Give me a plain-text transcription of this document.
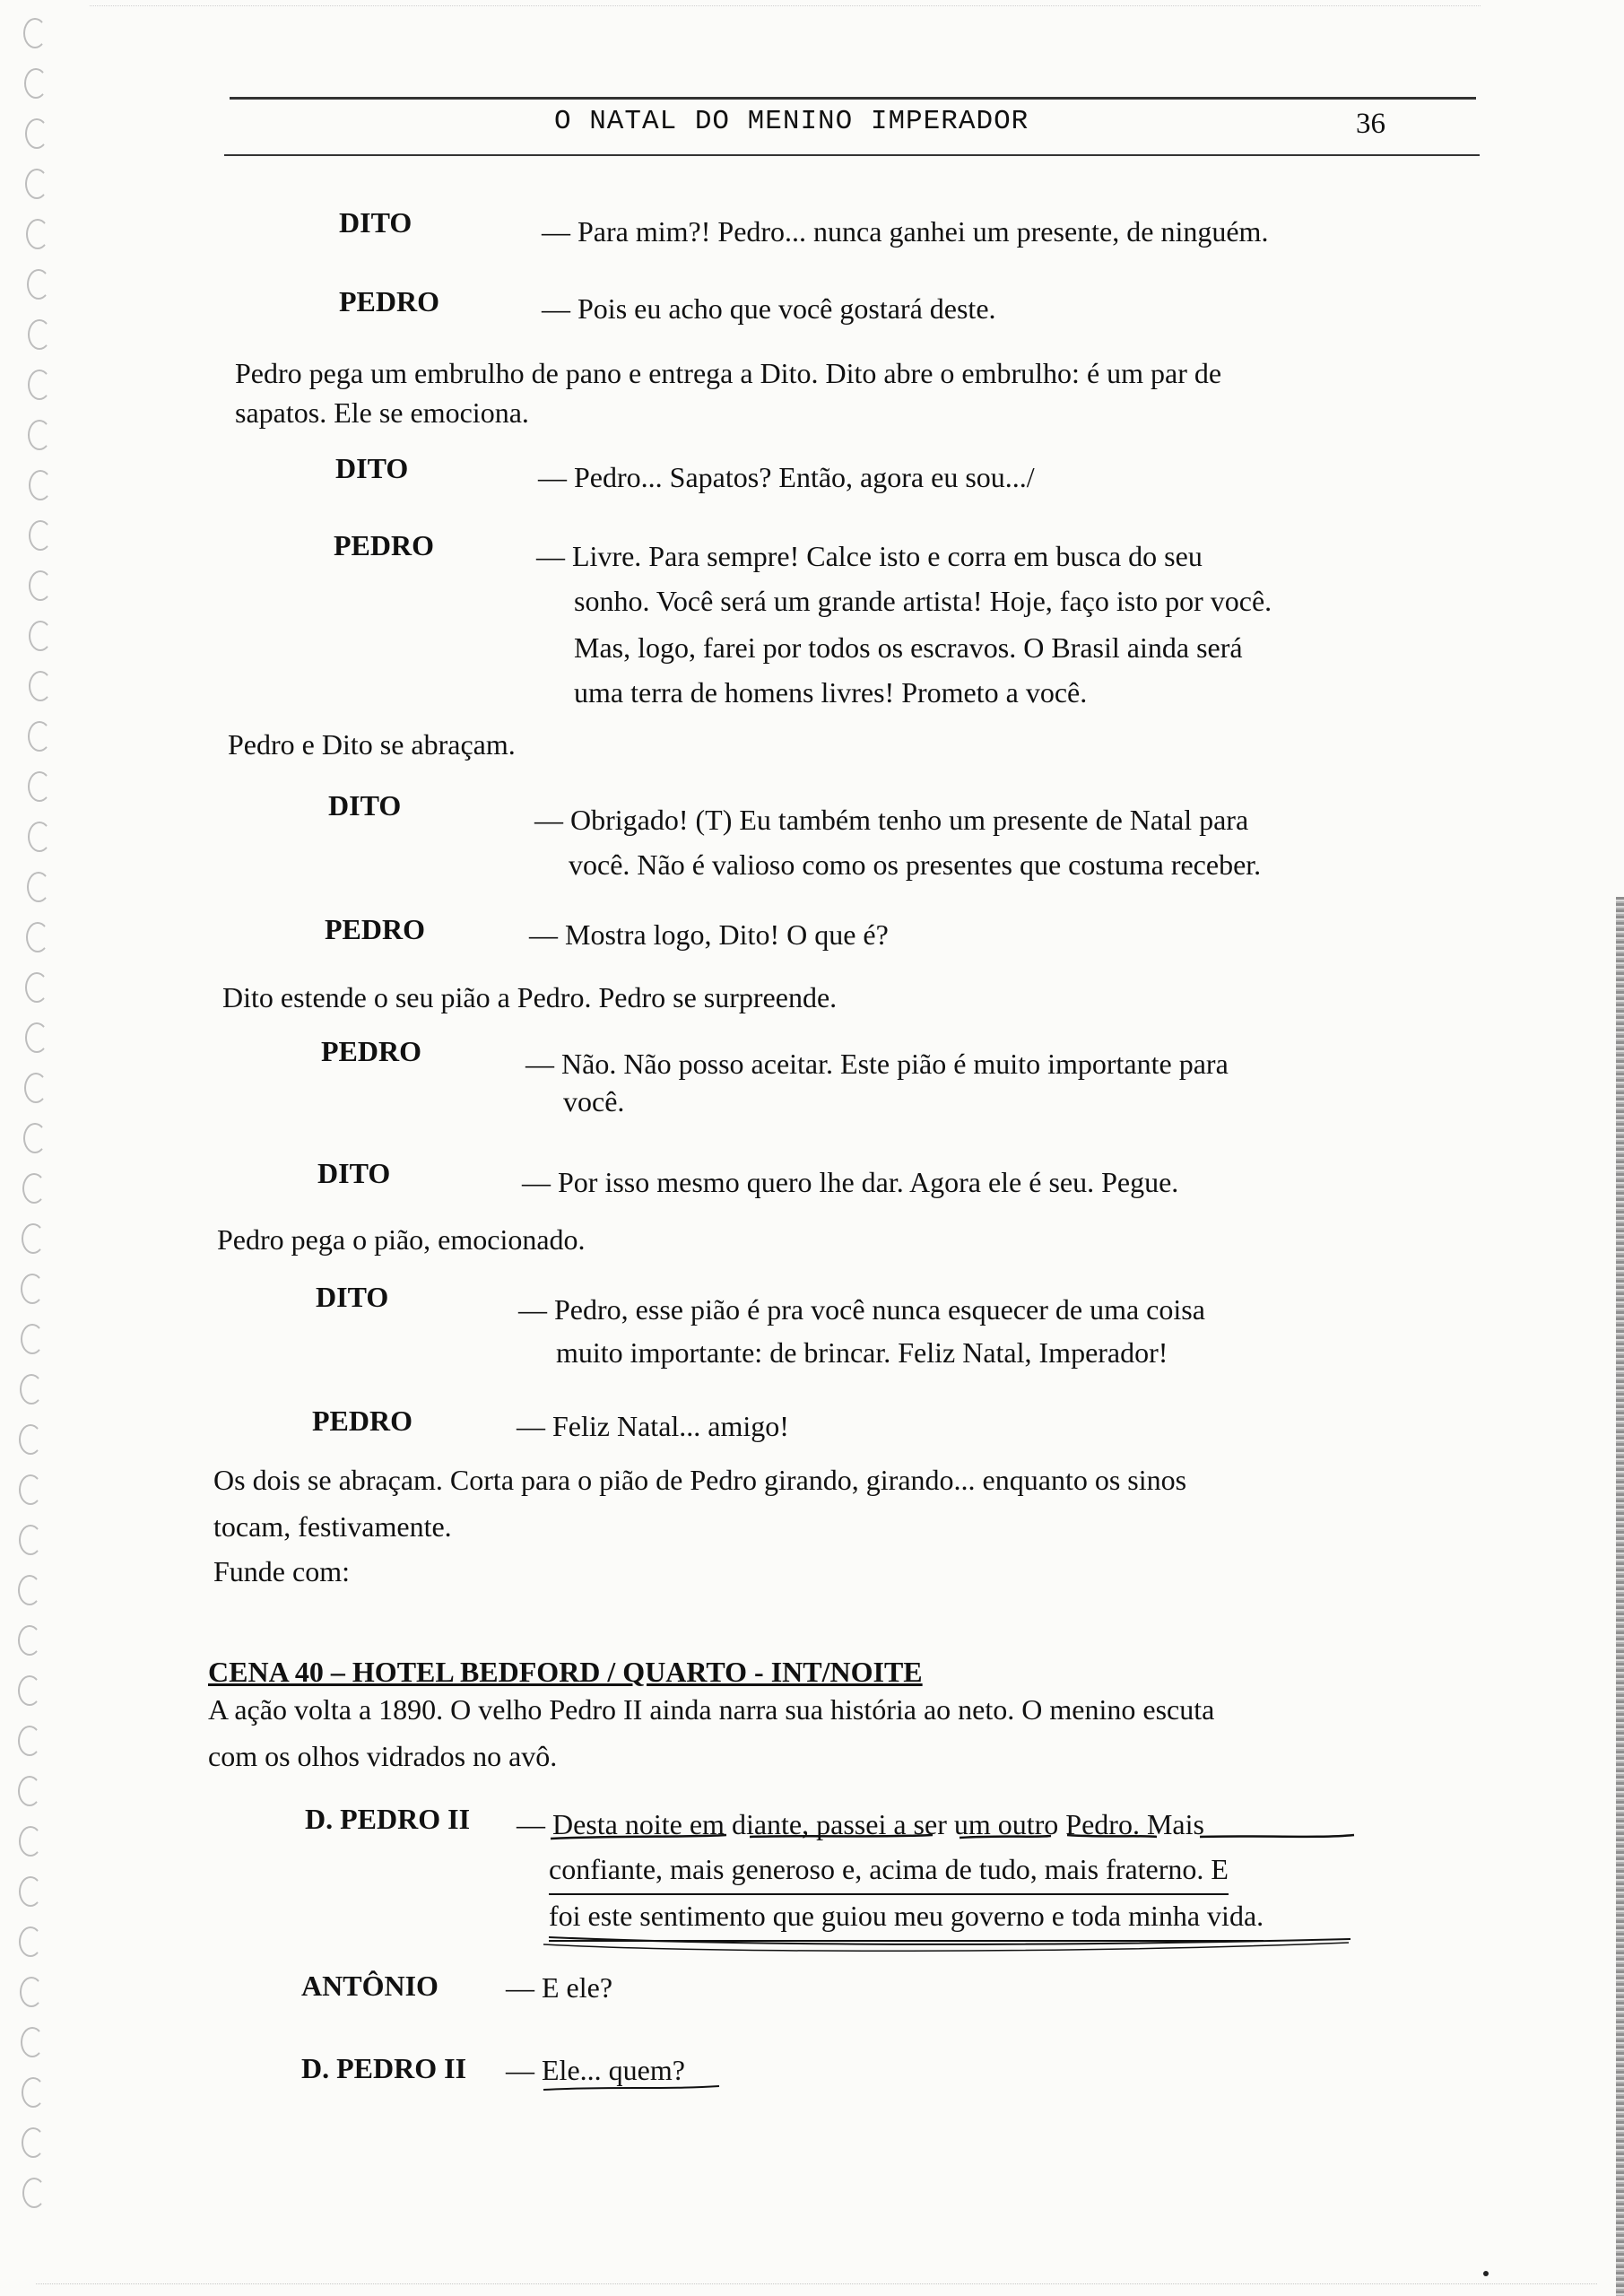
O NATAL DO MENINO IMPERADOR	36
DITO	— Para mim?! Pedro... nunca ganhei um presente, de ninguém.
PEDRO	— Pois eu acho que você gostará deste.
Pedro pega um embrulho de pano e entrega a Dito. Dito abre o embrulho: é um par de
sapatos. Ele se emociona.
DITO	— Pedro... Sapatos? Então, agora eu sou.../
PEDRO	— Livre. Para sempre! Calce isto e corra em busca do seu
sonho. Você será um grande artista! Hoje, faço isto por você.
Mas, logo, farei por todos os escravos. O Brasil ainda será
uma terra de homens livres! Prometo a você.
Pedro e Dito se abraçam.
DITO	— Obrigado! (T) Eu também tenho um presente de Natal para
você. Não é valioso como os presentes que costuma receber.
PEDRO	— Mostra logo, Dito! O que é?
Dito estende o seu pião a Pedro. Pedro se surpreende.
PEDRO	— Não. Não posso aceitar. Este pião é muito importante para
você.
DITO	— Por isso mesmo quero lhe dar. Agora ele é seu. Pegue.
Pedro pega o pião, emocionado.
DITO	— Pedro, esse pião é pra você nunca esquecer de uma coisa
muito importante: de brincar. Feliz Natal, Imperador!
PEDRO	— Feliz Natal... amigo!
Os dois se abraçam. Corta para o pião de Pedro girando, girando... enquanto os sinos
tocam, festivamente.
Funde com:
CENA 40 – HOTEL BEDFORD / QUARTO - INT/NOITE
A ação volta a 1890. O velho Pedro II ainda narra sua história ao neto. O menino escuta
com os olhos vidrados no avô.
D. PEDRO II — Desta noite em diante, passei a ser um outro Pedro. Mais
confiante, mais generoso e, acima de tudo, mais fraterno. E
foi este sentimento que guiou meu governo e toda minha vida.
ANTÔNIO — E ele?
D. PEDRO II — Ele... quem?
